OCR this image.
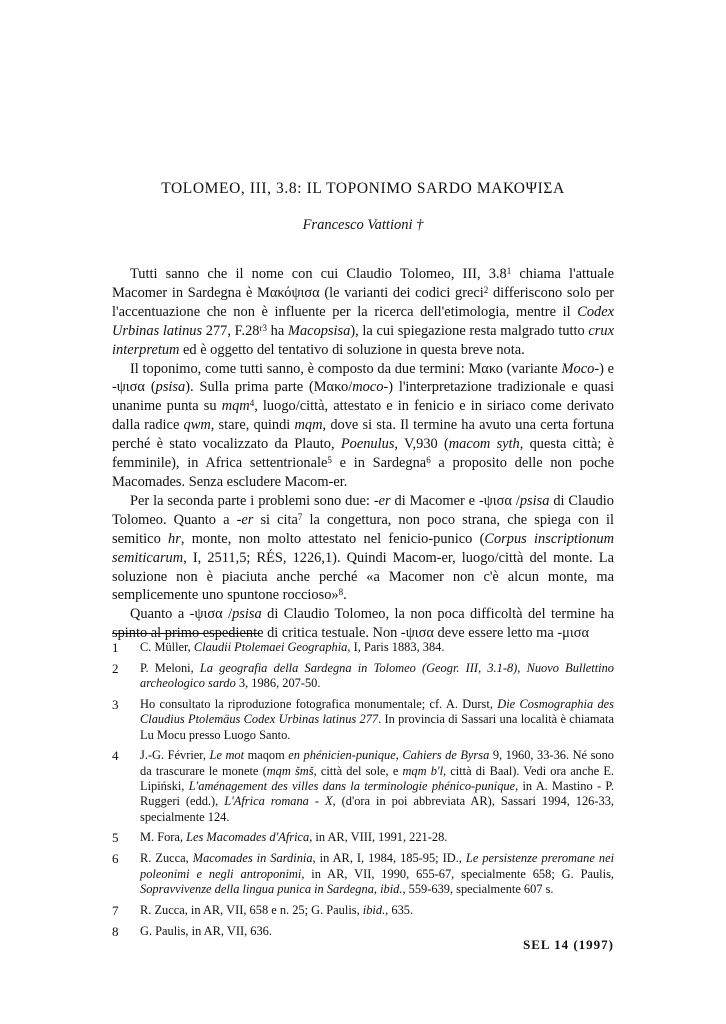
TOLOMEO, III, 3.8: IL TOPONIMO SARDO ΜΑΚΟΨΙΣΑ
Francesco Vattioni †

Tutti sanno che il nome con cui Claudio Tolomeo, III, $3.8^1$ chiama l'attuale Macomer in Sardegna è Μακόψισα (le varianti dei codici greci$^2$ differiscono solo per l'accentuazione che non è influente per la ricerca dell'etimologia, mentre il Codex Urbinas latinus 277, $F.28^{r3}$ ha Macopsisa), la cui spiegazione resta malgrado tutto crux interpretum ed è oggetto del tentativo di soluzione in questa breve nota.

Il toponimo, come tutti sanno, è composto da due termini: Μακο (variante Moco-) e -ψισα (psisa). Sulla prima parte (Μακο/moco-) l'interpretazione tradizionale e quasi unanime punta su mqm$^4$, luogo/città, attestato e in fenicio e in siriaco come derivato dalla radice qwm, stare, quindi mqm, dove si sta. Il termine ha avuto una certa fortuna perché è stato vocalizzato da Plauto, Poenulus, V,930 (macom syth, questa città; è femminile), in Africa settentrionale$^5$ e in Sardegna$^6$ a proposito delle non poche Macomades. Senza escludere Macom-er.

Per la seconda parte i problemi sono due: -er di Macomer e -ψισα /psisa di Claudio Tolomeo. Quanto a -er si cita$^7$ la congettura, non poco strana, che spiega con il semitico hr, monte, non molto attestato nel fenicio-punico (Corpus inscriptionum semiticarum, I, 2511,5; RÉS, 1226,1). Quindi Macom-er, luogo/città del monte. La soluzione non è piaciuta anche perché «a Macomer non c'è alcun monte, ma semplicemente uno spuntone roccioso»$^8$.

Quanto a -ψισα /psisa di Claudio Tolomeo, la non poca difficoltà del termine ha spinto al primo espediente di critica testuale. Non -ψισα deve essere letto ma -μισα

1	C. Müller, Claudii Ptolemaei Geographia, I, Paris 1883, 384.
2	P. Meloni, La geografia della Sardegna in Tolomeo (Geogr. III, 3.1-8), Nuovo Bullettino archeologico sardo 3, 1986, 207-50.
3	Ho consultato la riproduzione fotografica monumentale; cf. A. Durst, Die Cosmographia des Claudius Ptolemäus Codex Urbinas latinus 277. In provincia di Sassari una località è chiamata Lu Mocu presso Luogo Santo.
4	J.-G. Février, Le mot maqom en phénicien-punique, Cahiers de Byrsa 9, 1960, 33-36. Né sono da trascurare le monete (mqm šmš, città del sole, e mqm b'l, città di Baal). Vedi ora anche E. Lipiński, L'aménagement des villes dans la terminologie phénico-punique, in A. Mastino - P. Ruggeri (edd.), L'Africa romana - X, (d'ora in poi abbreviata AR), Sassari 1994, 126-33, specialmente 124.
5	M. Fora, Les Macomades d'Africa, in AR, VIII, 1991, 221-28.
6	R. Zucca, Macomades in Sardinia, in AR, I, 1984, 185-95; ID., Le persistenze preromane nei poleonimi e negli antroponimi, in AR, VII, 1990, 655-67, specialmente 658; G. Paulis, Sopravvivenze della lingua punica in Sardegna, ibid., 559-639, specialmente 607 s.
7	R. Zucca, in AR, VII, 658 e n. 25; G. Paulis, ibid., 635.
8	G. Paulis, in AR, VII, 636.
SEL 14 (1997)
